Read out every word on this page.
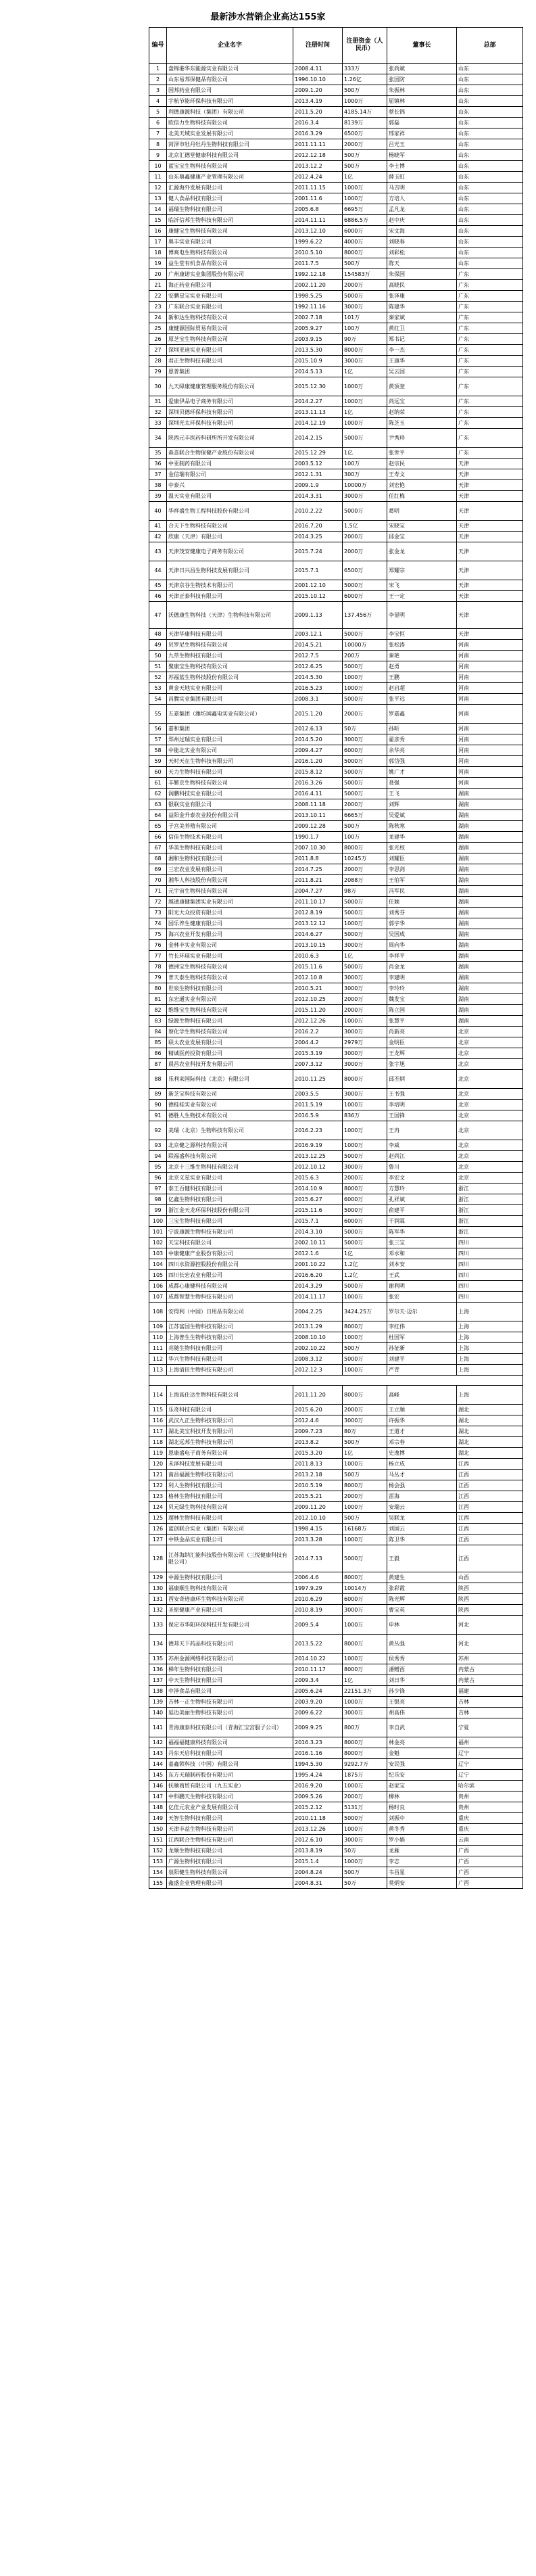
最新涉水营销企业高达155家
编号	企业名字	注册时间	注册资金（人民币）	董事长	总部
1	盘锦港华东能源实业有限公司	2008.4.11	333万	张尚斌	山东
2	山东易邦保健品有限公司	1996.10.10	1.26亿	张国防	山东
3	国邦药业有限公司	2009.1.20	500万	朱振林	山东
4	宇航节能环保科技有限公司	2013.4.19	1000万	屈镇林	山东
5	利德康源科技（集团）有限公司	2011.5.20	4185.14万	蔡长锦	山东
6	欧倍力生物科技有限公司	2016.3.4	8139万	郭磊	山东
7	北美天域实业发展有限公司	2016.3.29	6500万	邢家祥	山东
8	菏泽市牡丹牡丹生物科技有限公司	2011.11.11	2000万	吕光玉	山东
9	北京汇德堂健康科技有限公司	2012.12.18	500万	杨晓军	山东
10	蓝宝宝生物科技有限公司	2013.12.2	500万	李士博	山东
11	山东鼎鑫健康产业管理有限公司	2012.4.24	1亿	薛玉虹	山东
12	汇源海外发展有限公司	2011.11.15	1000万	马吉明	山东
13	健人食品科技有限公司	2001.11.6	1000万	方培人	山东
14	福瑞生物科技有限公司	2005.6.8	6695万	孟凡龙	山东
15	临沂信邦生物科技有限公司	2014.11.11	6886.5万	赵中庆	山东
16	康健宝生物科技有限公司	2013.12.10	6000万	宋文海	山东
17	奥丰实业有限公司	1999.6.22	4000万	刘晓春	山东
18	博爽电生物科技有限公司	2010.5.10	8000万	刘彩松	山东
19	益生堂有机食品有限公司	2011.7.5	500万	陈天	山东
20	广州康诺实业集团股份有限公司	1992.12.18	154583万	朱保国	广东
21	海正药业有限公司	2002.11.20	2000万	高晓民	广东
22	安鹏星宝实业有限公司	1998.5.25	5000万	张泽康	广东
23	广东联合实业有限公司	1992.11.16	3000万	陈建华	广东
24	新和达生物科技有限公司	2002.7.18	101万	秦家斌	广东
25	康健源国际贸易有限公司	2005.9.27	100万	黄红卫	广东
26	原芝宝生物科技有限公司	2003.9.15	90万	郑书记	广东
27	深圳亚迪实业有限公司	2013.5.30	8000万	李一杰	广东
28	君正生物科技有限公司	2015.10.9	3000万	王康华	广东
29	恩普集团	2014.5.13	1亿	吴云国	广东
30	九天绿康健康管理服务股份有限公司	2015.12.30	1000万	黄顶奎	广东
31	爱康伊品电子商务有限公司	2014.2.27	1000万	尚远宝	广东
32	深圳贝德环保科技有限公司	2013.11.13	1亿	赵纳荣	广东
33	深圳光太环保科技有限公司	2014.12.19	1000万	陈芝玉	广东
34	陕西元丰医药科研所所开发有限公司	2014.2.15	5000万	尹秀珍	广东
35	森喜联合生物保健产业股份有限公司	2015.12.29	1亿	张世平	广东
36	中亚制药有限公司	2003.5.12	100万	赵宗民	天津
37	金信瑞有限公司	2012.1.31	300万	王寿文	天津
38	中泰兴	2009.1.9	10000万	刘宏艳	天津
39	温天实业有限公司	2014.3.31	3000万	任红梅	天津
40	华祥盛生物工程科技股份有限公司	2010.2.22	5000万	葛明	天津
41	合天下生物科技有限公司	2016.7.20	1.5亿	宋晓宝	天津
42	欣康（天津）有限公司	2014.3.25	2000万	邱金宝	天津
43	天津茂安健康电子商务有限公司	2015.7.24	2000万	张金龙	天津
44	天津日兴昌生物科技发展有限公司	2015.7.1	6500万	郑耀宗	天津
45	天津京谷生物技术有限公司	2001.12.10	5000万	宋飞	天津
46	天津正泰科技有限公司	2015.10.12	6000万	王一定	天津
47	沃德康生物科技（天津）生物科技有限公司	2009.1.13	137.456万	李显明	天津
48	天津华康科技有限公司	2003.12.1	5000万	李宝恒	天津
49	贝罗尼生物科技有限公司	2014.5.21	10000万	张松涛	河南
50	九草生物科技有限公司	2012.7.5	200万	秦艳	河南
51	聚康宝生物科技有限公司	2012.6.25	5000万	赵勇	河南
52	苏福蓝生物科技股份有限公司	2014.5.30	1000万	王鹏	河南
53	黄金天地实业有限公司	2016.5.23	1000万	赵启超	河南
54	昌腾实业集团有限公司	2008.3.1	5000万	张平远	河南
55	五嘉集团（潍坊国鑫电实业有限公司）	2015.1.20	2000万	罗嘉鑫	河南
56	嘉和集团	2012.6.13	50万	孙昕	河南
57	郑州过瑞实业有限公司	2014.5.20	3000万	翟彦秀	河南
58	中能北实业有限公司	2009.4.27	6000万	余华亮	河南
59	天时天在生物科技有限公司	2016.1.20	5000万	郭岱强	河南
60	天力生物科技有限公司	2015.8.12	5000万	姚广才	河南
61	丰繁京生物科技有限公司	2016.3.26	5000万	聂强	河南
62	润鹏科技实业有限公司	2016.4.11	5000万	王飞	湖南
63	银联实业有限公司	2008.11.18	2000万	刘辉	湖南
64	益阳金升泰农业股份有限公司	2013.10.11	6665万	吴爱斌	湖南
65	子宫美养殖有限公司	2009.12.28	500万	陈秋寒	湖南
66	信佳生物技术有限公司	1990.1.7	100万	龙建华	湖南
67	华美生物科技有限公司	2007.10.30	8000万	张光权	湖南
68	湘和生物科技有限公司	2011.8.8	10245万	刘耀臣	湖南
69	三宏农业发展有限公司	2014.7.25	2000万	李思剑	湖南
70	湘华人科技股份有限公司	2011.8.21	2088万	王伯军	湖南
71	元宇宙生物科技有限公司	2004.7.27	98万	冯军民	湖南
72	越通康健集团实业有限公司	2011.10.17	5000万	任颖	湖南
73	阳光大众投资有限公司	2012.8.19	5000万	刘秀芬	湖南
74	国乐养生健康有限公司	2013.12.12	1000万	郭宇华	湖南
75	海兴农业开发有限公司	2014.6.27	5000万	吴国成	湖南
76	金林丰实业有限公司	2013.10.15	3000万	周向华	湖南
77	竹长环球实业有限公司	2010.6.3	1亿	李祥平	湖南
78	德洲宝生物科技有限公司	2015.11.6	5000万	肖金龙	湖南
79	普天泰生物科技有限公司	2012.10.8	3000万	李建明	湖南
80	世泉生物科技有限公司	2010.5.21	3000万	李玲玲	湖南
81	东宏通实业有限公司	2012.10.25	2000万	魏发宝	湖南
82	维维宝生物科技有限公司	2015.11.20	2000万	陈立国	湖南
83	绿源生物科技有限公司	2012.12.26	1000万	张慧平	湖南
84	蔡化学生物科技有限公司	2016.2.2	3000万	肖新亮	北京
85	联太农业发展有限公司	2004.4.2	2979万	金明臣	北京
86	精诚医药投资有限公司	2015.3.19	3000万	王龙辉	北京
87	晨昌农业科技开发有限公司	2007.3.12	3000万	张宇旭	北京
88	乐利来国际科技（北京）有限公司	2010.11.25	8000万	邱丕炳	北京
89	新芝宝科技有限公司	2003.5.5	3000万	王书强	北京
90	德桂桂实业有限公司	2011.5.19	1000万	李培明	北京
91	德胜人生物技术有限公司	2016.5.9	836万	王国锋	北京
92	美瑞（北京）生物科技有限公司	2016.2.23	1000万	王冉	北京
93	北京健之源科技有限公司	2016.9.19	1000万	李威	北京
94	联福盛科技有限公司	2013.12.25	5000万	赵尚江	北京
95	北京十三维生物科技有限公司	2012.10.12	3000万	鲁川	北京
96	北京义星实业有限公司	2015.6.3	2000万	李宏文	北京
97	泰王百健科技有限公司	2014.10.9	8000万	方慧玲	浙江
98	亿鑫生物科技有限公司	2015.6.27	6000万	孔祥斌	浙江
99	浙江金天龙环保科技股份有限公司	2015.11.6	5000万	俞建平	浙江
100	三宝生物科技有限公司	2015.7.1	6000万	于润霖	浙江
101	宁波康源生物科技有限公司	2014.3.10	5000万	陈军华	浙江
102	天宝科技有限公司	2002.10.11	5000万	张三宝	四川
103	中康健康产业股份有限公司	2012.1.6	1亿	邓水和	四川
104	四川水资源控股股份有限公司	2001.10.22	1.2亿	刘本安	四川
105	四川长宏农业有限公司	2016.6.20	1.2亿	王武	四川
106	成都心康健科技有限公司	2014.3.29	5000万	谢利明	四川
107	成都智慧生物科技有限公司	2014.11.17	1000万	张宏	四川
108	安得利（中国）日用品有限公司	2004.2.25	3424.25万	罗尔夫·迈尔	上海
109	江苏富国生物科技有限公司	2013.1.29	8000万	李红伟	上海
110	上海普生生物科技有限公司	2008.10.10	1000万	杜国军	上海
111	亮随生物科技有限公司	2002.10.22	500万	孙征新	上海
112	华兴生物科技有限公司	2008.3.12	5000万	刘建平	上海
113	上海清田生物科技有限公司	2012.12.3	1000万	严青	上海

114	上海高仕达生物科技有限公司	2011.11.20	8000万	高峰	上海
115	乐奇科技有限公司	2015.6.20	2000万	王立顺	湖北
116	武汉九正生物科技有限公司	2012.4.6	3000万	许振华	湖北
117	湖北美宝科技开发有限公司	2009.7.23	80万	王道才	湖北
118	湖北远邦生物科技有限公司	2013.8.2	500万	邓宗春	湖北
119	恩康盛电子商务有限公司	2015.3.20	1亿	史逸博	湖北
120	禾泽科技发展有限公司	2011.8.13	1000万	杨立成	江西
121	南昌福源生物科技有限公司	2013.2.18	500万	马丛才	江西
122	利人生物科技有限公司	2010.5.19	8000万	杨会强	江西
123	格林生物科技有限公司	2015.5.21	2000万	雷海	江西
124	贝元绿生物科技有限公司	2009.11.20	1000万	安瑞云	江西
125	超林生物科技有限公司	2012.10.10	500万	吴联龙	江西
126	蓝创联合实业（集团）有限公司	1998.4.15	16168万	刘国云	江西
127	中铁金品实业有限公司	2013.3.28	1000万	陈卫华	江西
128	江苏海纳汇能科技股份有限公司（三悦健康科技有限公司）	2014.7.13	5000万	王毅	江西
129	中源生物科技有限公司	2006.4.6	8000万	黄建生	山西
130	福康顺生物科技有限公司	1997.9.29	10014万	张彩霞	陕西
131	西安奇迹康环生物科技有限公司	2010.6.29	6000万	陈光辉	陕西
132	圣原健康产业有限公司	2010.8.19	3000万	曹宝英	陕西
133	保定市华阳环保科技开发有限公司	2009.5.4	1000万	申林	河北
134	德邦天下药品科技有限公司	2013.5.22	8000万	黄丛强	河北
135	苏州金源网络科技有限公司	2014.10.22	1000万	侯秀秀	苏州
136	梯年生物科技有限公司	2010.11.17	8000万	潘赠西	内蒙古
137	中天生物科技有限公司	2009.3.4	1亿	刘日华	内蒙古
138	中泽食品有限公司	2005.6.24	22151.3万	孙少锋	福建
139	吉林一正生物科技有限公司	2003.9.20	1000万	王银亮	吉林
140	延边美丽生物科技有限公司	2009.6.22	3000万	胡高伟	吉林
141	青海康泰科技有限公司（青海汇宝宫服子公司）	2009.9.25	800万	李自武	宁夏
142	福福福健康科技有限公司	2016.3.23	8000万	林金亮	福州
143	丹东天启科技有限公司	2016.1.16	8000万	金魁	辽宁
144	嘉鑫锁科技（中国）有限公司	1994.5.30	9292.7万	安民强	辽宁
145	东方天瑞制药股份有限公司	1995.4.24	1875万	纪乐安	辽宁
146	抚顺商贸有限公司（九五实业）	2016.9.20	1000万	赵家宝	哈尔滨
147	中科鹏天生物科技有限公司	2009.5.26	2000万	柳林	贵州
148	亿佳元农业产业发展有限公司	2015.2.12	5131万	杨时良	贵州
149	天智生物科技有限公司	2010.11.18	5000万	刘振中	重庆
150	天津丰益生物科技有限公司	2013.12.26	1000万	黄冬秀	重庆
151	江西联合生物科技有限公司	2012.6.10	3000万	罗小娟	云南
152	龙顺生物科技有限公司	2013.8.19	50万	龙雁	广西
153	广源生物科技有限公司	2015.1.4	1000万	李志	广西
154	泉阳健生物科技有限公司	2004.8.24	500万	韦昌星	广西
155	鑫盛企业管理有限公司	2004.8.31	50万	莫炳安	广西
